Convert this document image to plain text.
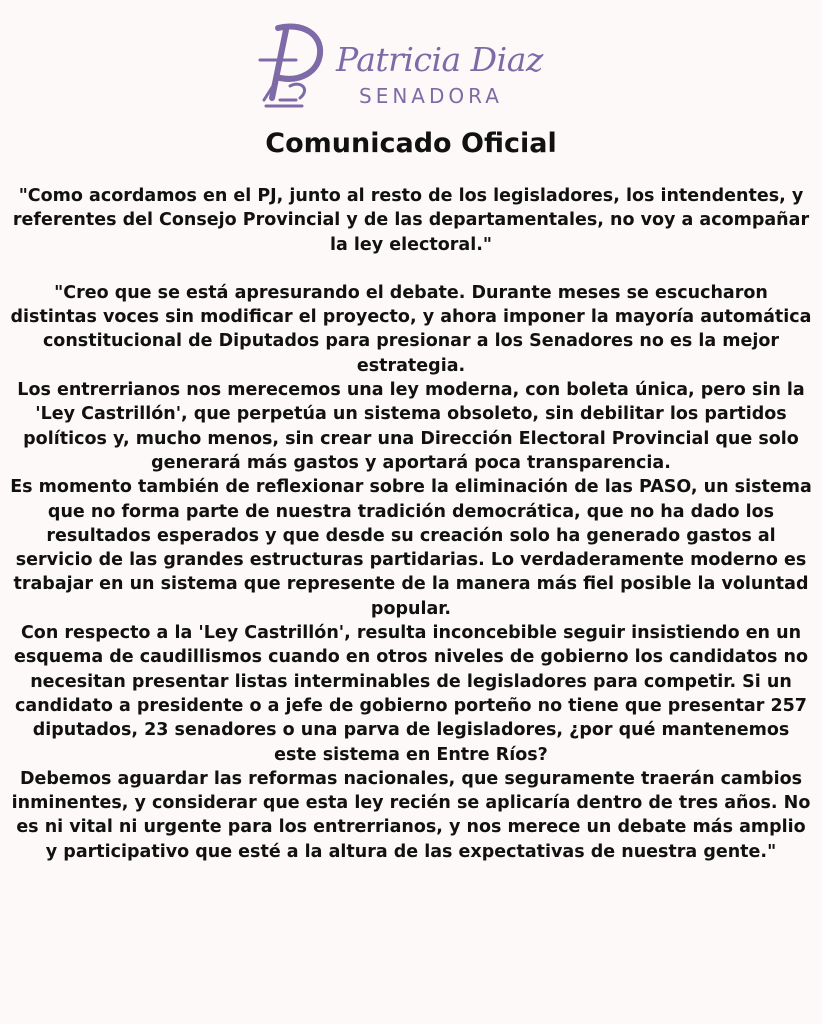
Patricia Diaz
SENADORA
Comunicado Oficial

"Como acordamos en el PJ, junto al resto de los legisladores, los intendentes, y referentes del Consejo Provincial y de las departamentales, no voy a acompañar la ley electoral."

"Creo que se está apresurando el debate. Durante meses se escucharon distintas voces sin modificar el proyecto, y ahora imponer la mayoría automática constitucional de Diputados para presionar a los Senadores no es la mejor estrategia.

Los entrerrianos nos merecemos una ley moderna, con boleta única, pero sin la 'Ley Castrillón', que perpetúa un sistema obsoleto, sin debilitar los partidos políticos y, mucho menos, sin crear una Dirección Electoral Provincial que solo generará más gastos y aportará poca transparencia.

Es momento también de reflexionar sobre la eliminación de las PASO, un sistema que no forma parte de nuestra tradición democrática, que no ha dado los resultados esperados y que desde su creación solo ha generado gastos al servicio de las grandes estructuras partidarias. Lo verdaderamente moderno es trabajar en un sistema que represente de la manera más fiel posible la voluntad popular.

Con respecto a la 'Ley Castrillón', resulta inconcebible seguir insistiendo en un esquema de caudillismos cuando en otros niveles de gobierno los candidatos no necesitan presentar listas interminables de legisladores para competir. Si un candidato a presidente o a jefe de gobierno porteño no tiene que presentar 257 diputados, 23 senadores o una parva de legisladores, ¿por qué mantenemos este sistema en Entre Ríos?

Debemos aguardar las reformas nacionales, que seguramente traerán cambios inminentes, y considerar que esta ley recién se aplicaría dentro de tres años. No es ni vital ni urgente para los entrerrianos, y nos merece un debate más amplio y participativo que esté a la altura de las expectativas de nuestra gente."
